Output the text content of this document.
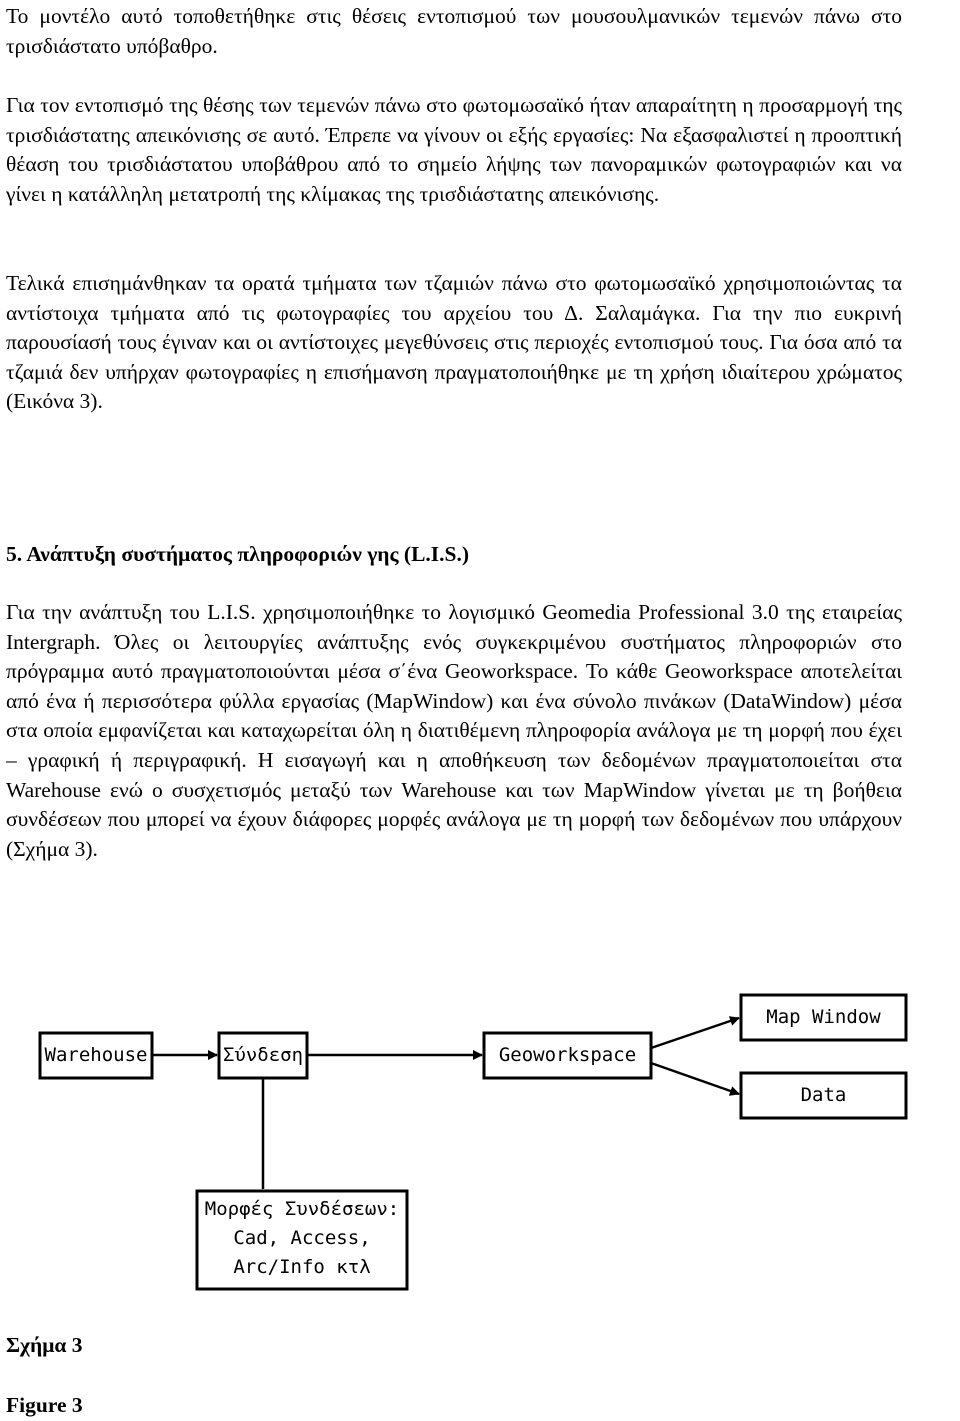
Το μοντέλο αυτό τοποθετήθηκε στις θέσεις εντοπισμού των μουσουλμανικών τεμενών πάνω στο τρισδιάστατο υπόβαθρο.

Για τον εντοπισμό της θέσης των τεμενών πάνω στο φωτομωσαϊκό ήταν απαραίτητη η προσαρμογή της τρισδιάστατης απεικόνισης σε αυτό. Έπρεπε να γίνουν οι εξής εργασίες: Να εξασφαλιστεί η προοπτική θέαση του τρισδιάστατου υποβάθρου από το σημείο λήψης των πανοραμικών φωτογραφιών και να γίνει η κατάλληλη μετατροπή της κλίμακας της τρισδιάστατης απεικόνισης.

Τελικά επισημάνθηκαν τα ορατά τμήματα των τζαμιών πάνω στο φωτομωσαϊκό χρησιμοποιώντας τα αντίστοιχα τμήματα από τις φωτογραφίες του αρχείου του Δ. Σαλαμάγκα. Για την πιο ευκρινή παρουσίασή τους έγιναν και οι αντίστοιχες μεγεθύνσεις στις περιοχές εντοπισμού τους. Για όσα από τα τζαμιά δεν υπήρχαν φωτογραφίες η επισήμανση πραγματοποιήθηκε με τη χρήση ιδιαίτερου χρώματος (Εικόνα 3).

5. Ανάπτυξη συστήματος πληροφοριών γης (L.I.S.)

Για την ανάπτυξη του L.I.S. χρησιμοποιήθηκε το λογισμικό Geomedia Professional 3.0 της εταιρείας Intergraph. Όλες οι λειτουργίες ανάπτυξης ενός συγκεκριμένου συστήματος πληροφοριών στο πρόγραμμα αυτό πραγματοποιούνται μέσα σ΄ένα Geoworkspace. Το κάθε Geoworkspace αποτελείται από ένα ή περισσότερα φύλλα εργασίας (MapWindow) και ένα σύνολο πινάκων (DataWindow) μέσα στα οποία εμφανίζεται και καταχωρείται όλη η διατιθέμενη πληροφορία ανάλογα με τη μορφή που έχει – γραφική ή περιγραφική. Η εισαγωγή και η αποθήκευση των δεδομένων πραγματοποιείται στα Warehouse ενώ ο συσχετισμός μεταξύ των Warehouse και των MapWindow γίνεται με τη βοήθεια συνδέσεων που μπορεί να έχουν διάφορες μορφές ανάλογα με τη μορφή των δεδομένων που υπάρχουν (Σχήμα 3).

Warehouse	Σύνδεση	Geoworkspace
Map Window
Data
Μορφές Συνδέσεων:
Cad, Access,
Arc/Info κτλ
Σχήμα 3
Figure 3
